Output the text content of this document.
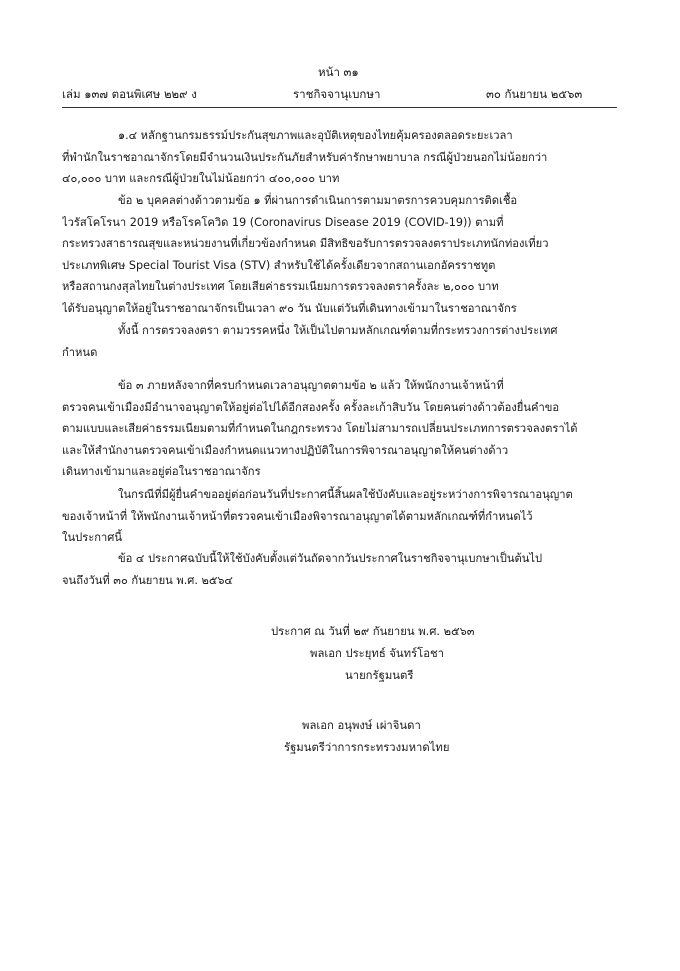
หน้า ๓๑
เล่ม ๑๓๗ ตอนพิเศษ ๒๒๙ ง	ราชกิจจานุเบกษา	๓๐ กันยายน ๒๕๖๓
๑.๔ หลักฐานกรมธรรม์ประกันสุขภาพและอุบัติเหตุของไทยคุ้มครองตลอดระยะเวลา
ที่พำนักในราชอาณาจักรโดยมีจำนวนเงินประกันภัยสำหรับค่ารักษาพยาบาล กรณีผู้ป่วยนอกไม่น้อยกว่า
๔๐,๐๐๐ บาท และกรณีผู้ป่วยในไม่น้อยกว่า ๔๐๐,๐๐๐ บาท
ข้อ ๒ บุคคลต่างด้าวตามข้อ ๑ ที่ผ่านการดำเนินการตามมาตรการควบคุมการติดเชื้อ
ไวรัสโคโรนา 2019 หรือโรคโควิด 19 (Coronavirus Disease 2019 (COVID-19)) ตามที่
กระทรวงสาธารณสุขและหน่วยงานที่เกี่ยวข้องกำหนด มีสิทธิขอรับการตรวจลงตราประเภทนักท่องเที่ยว
ประเภทพิเศษ Special Tourist Visa (STV) สำหรับใช้ได้ครั้งเดียวจากสถานเอกอัครราชทูต
หรือสถานกงสุลไทยในต่างประเทศ โดยเสียค่าธรรมเนียมการตรวจลงตราครั้งละ ๒,๐๐๐ บาท
ได้รับอนุญาตให้อยู่ในราชอาณาจักรเป็นเวลา ๙๐ วัน นับแต่วันที่เดินทางเข้ามาในราชอาณาจักร
ทั้งนี้ การตรวจลงตรา ตามวรรคหนึ่ง ให้เป็นไปตามหลักเกณฑ์ตามที่กระทรวงการต่างประเทศ
กำหนด
ข้อ ๓ ภายหลังจากที่ครบกำหนดเวลาอนุญาตตามข้อ ๒ แล้ว ให้พนักงานเจ้าหน้าที่
ตรวจคนเข้าเมืองมีอำนาจอนุญาตให้อยู่ต่อไปได้อีกสองครั้ง ครั้งละเก้าสิบวัน โดยคนต่างด้าวต้องยื่นคำขอ
ตามแบบและเสียค่าธรรมเนียมตามที่กำหนดในกฎกระทรวง โดยไม่สามารถเปลี่ยนประเภทการตรวจลงตราได้
และให้สำนักงานตรวจคนเข้าเมืองกำหนดแนวทางปฏิบัติในการพิจารณาอนุญาตให้คนต่างด้าว
เดินทางเข้ามาและอยู่ต่อในราชอาณาจักร
ในกรณีที่มีผู้ยื่นคำขออยู่ต่อก่อนวันที่ประกาศนี้สิ้นผลใช้บังคับและอยู่ระหว่างการพิจารณาอนุญาต
ของเจ้าหน้าที่ ให้พนักงานเจ้าหน้าที่ตรวจคนเข้าเมืองพิจารณาอนุญาตได้ตามหลักเกณฑ์ที่กำหนดไว้
ในประกาศนี้
ข้อ ๔ ประกาศฉบับนี้ให้ใช้บังคับตั้งแต่วันถัดจากวันประกาศในราชกิจจานุเบกษาเป็นต้นไป
จนถึงวันที่ ๓๐ กันยายน พ.ศ. ๒๕๖๔
ประกาศ ณ วันที่ ๒๙ กันยายน พ.ศ. ๒๕๖๓
พลเอก ประยุทธ์ จันทร์โอชา
นายกรัฐมนตรี
พลเอก อนุพงษ์ เผ่าจินดา
รัฐมนตรีว่าการกระทรวงมหาดไทย
